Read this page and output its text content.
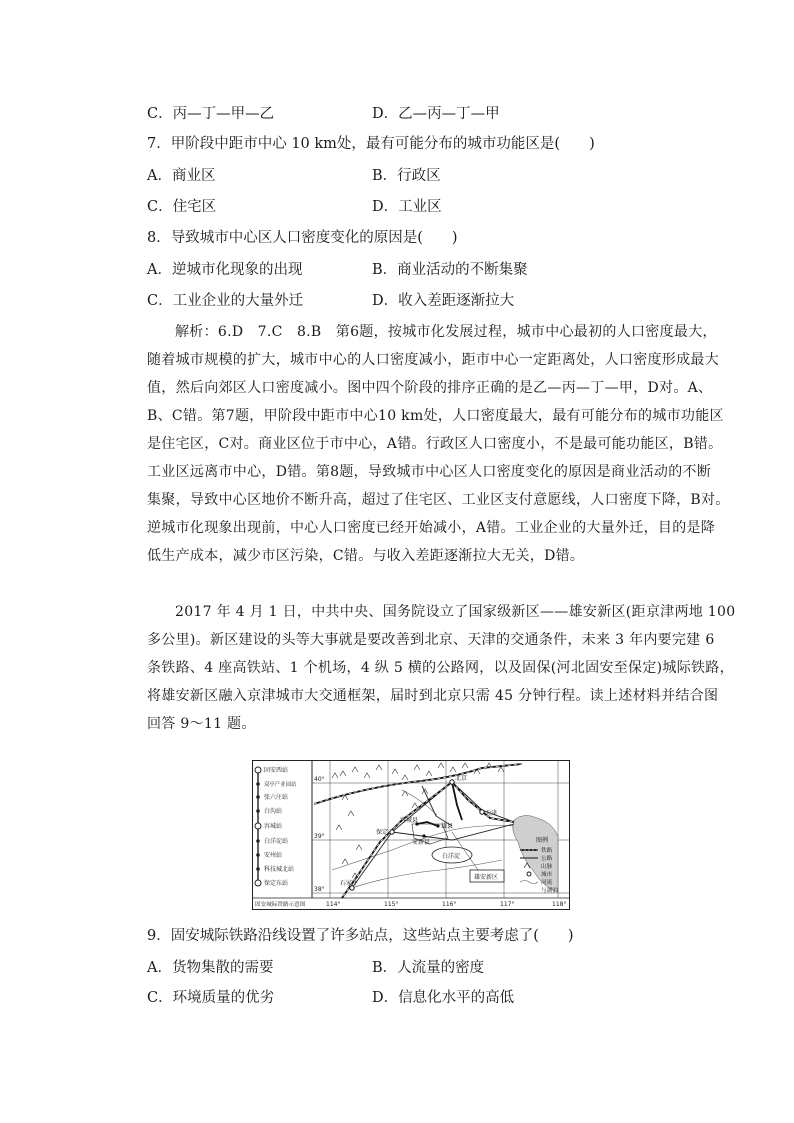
C．丙—丁—甲—乙	D．乙—丙—丁—甲
7．甲阶段中距市中心 10 km处，最有可能分布的城市功能区是(　　)
A．商业区	B．行政区
C．住宅区	D．工业区
8．导致城市中心区人口密度变化的原因是(　　)
A．逆城市化现象的出现	B．商业活动的不断集聚
C．工业企业的大量外迁	D．收入差距逐渐拉大

解析：6.D　7.C　8.B　第6题，按城市化发展过程，城市中心最初的人口密度最大，

随着城市规模的扩大，城市中心的人口密度减小，距市中心一定距离处，人口密度形成最大

值，然后向郊区人口密度减小。图中四个阶段的排序正确的是乙—丙—丁—甲，D对。A、

B、C错。第7题，甲阶段中距市中心10 km处，人口密度最大，最有可能分布的城市功能区

是住宅区，C对。商业区位于市中心，A错。行政区人口密度小，不是最可能功能区，B错。

工业区远离市中心，D错。第8题，导致城市中心区人口密度变化的原因是商业活动的不断

集聚，导致中心区地价不断升高，超过了住宅区、工业区支付意愿线，人口密度下降，B对。

逆城市化现象出现前，中心人口密度已经开始减小，A错。工业企业的大量外迁，目的是降

低生产成本，减少市区污染，C错。与收入差距逐渐拉大无关，D错。

2017 年 4 月 1 日，中共中央、国务院设立了国家级新区——雄安新区(距京津两地 100

多公里)。新区建设的头等大事就是要改善到北京、天津的交通条件，未来 3 年内要完建 6

条铁路、4 座高铁站、1 个机场，4 纵 5 横的公路网，以及固保(河北固安至保定)城际铁路，

将雄安新区融入京津城市大交通框架，届时到北京只需 45 分钟行程。读上述材料并结合图

回答 9～11 题。

固安西站
双亭产业园站
张六庄站
白沟站
容城站
白洋淀站
安州站
科技城北站
保定东站
固安城际铁路示意图
40°
39°
38°
114°	115°	116°	117°	118°
北京
天津
保定
石家庄
容城县
雄县
安新县
白洋淀
雄安新区
图例
铁路
公路
山脉
城市
河流
与湖泊
9．固安城际铁路沿线设置了许多站点，这些站点主要考虑了(　　)
A．货物集散的需要	B．人流量的密度
C．环境质量的优劣	D．信息化水平的高低
